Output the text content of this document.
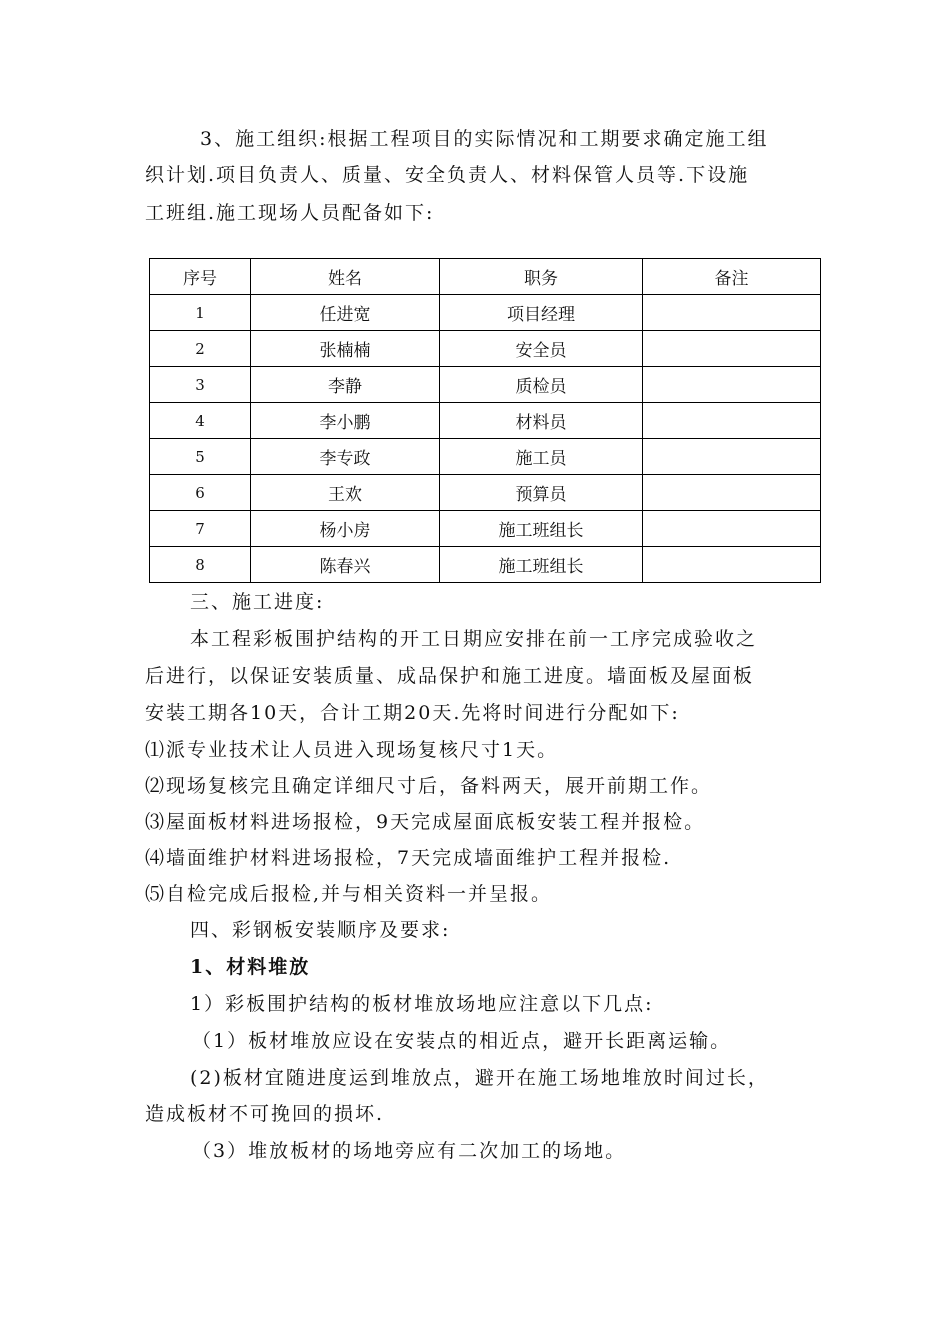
3、施工组织:根据工程项目的实际情况和工期要求确定施工组
织计划.项目负责人、质量、安全负责人、材料保管人员等.下设施
工班组.施工现场人员配备如下:
序号	姓名	职务	备注
1	任进宽	项目经理	
2	张楠楠	安全员	
3	李静	质检员	
4	李小鹏	材料员	
5	李专政	施工员	
6	王欢	预算员	
7	杨小房	施工班组长	
8	陈春兴	施工班组长	
三、施工进度:
本工程彩板围护结构的开工日期应安排在前一工序完成验收之
后进行，以保证安装质量、成品保护和施工进度。墙面板及屋面板
安装工期各10天，合计工期20天.先将时间进行分配如下:
⑴派专业技术让人员进入现场复核尺寸1天。
⑵现场复核完且确定详细尺寸后，备料两天，展开前期工作。
⑶屋面板材料进场报检，9天完成屋面底板安装工程并报检。
⑷墙面维护材料进场报检，7天完成墙面维护工程并报检.
⑸自检完成后报检,并与相关资料一并呈报。
四、彩钢板安装顺序及要求:
1、材料堆放
1）彩板围护结构的板材堆放场地应注意以下几点:
（1）板材堆放应设在安装点的相近点，避开长距离运输。
(2)板材宜随进度运到堆放点，避开在施工场地堆放时间过长，
造成板材不可挽回的损坏.
（3）堆放板材的场地旁应有二次加工的场地。
